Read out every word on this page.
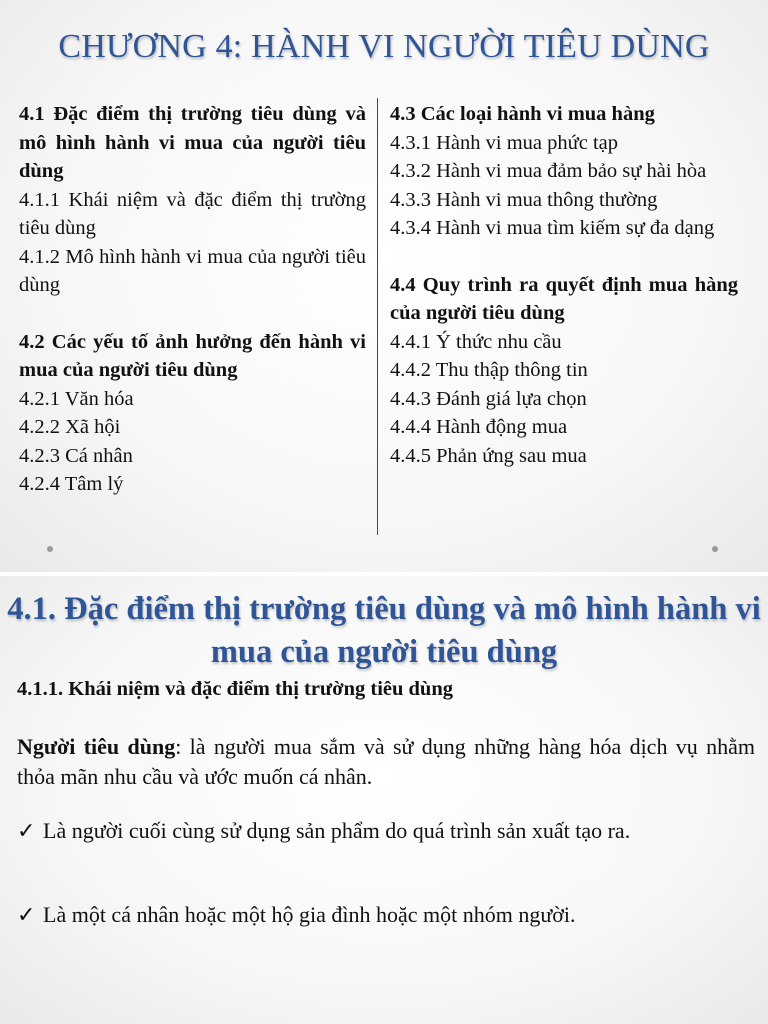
CHƯƠNG 4: HÀNH VI NGƯỜI TIÊU DÙNG
4.1 Đặc điểm thị trường tiêu dùng và mô hình hành vi mua của người tiêu dùng
4.1.1 Khái niệm và đặc điểm thị trường tiêu dùng
4.1.2 Mô hình hành vi mua của người tiêu dùng
4.2 Các yếu tố ảnh hưởng đến hành vi mua của người tiêu dùng
4.2.1 Văn hóa
4.2.2 Xã hội
4.2.3 Cá nhân
4.2.4 Tâm lý
4.3 Các loại hành vi mua hàng
4.3.1 Hành vi mua phức tạp
4.3.2 Hành vi mua đảm bảo sự hài hòa
4.3.3 Hành vi mua thông thường
4.3.4 Hành vi mua tìm kiếm sự đa dạng
4.4 Quy trình ra quyết định mua hàng của người tiêu dùng
4.4.1 Ý thức nhu cầu
4.4.2 Thu thập thông tin
4.4.3 Đánh giá lựa chọn
4.4.4 Hành động mua
4.4.5 Phản ứng sau mua
4.1. Đặc điểm thị trường tiêu dùng và mô hình hành vi mua của người tiêu dùng
4.1.1. Khái niệm và đặc điểm thị trường tiêu dùng
Người tiêu dùng: là người mua sắm và sử dụng những hàng hóa dịch vụ nhằm thỏa mãn nhu cầu và ước muốn cá nhân.
✓ Là người cuối cùng sử dụng sản phẩm do quá trình sản xuất tạo ra.
✓ Là một cá nhân hoặc một hộ gia đình hoặc một nhóm người.
